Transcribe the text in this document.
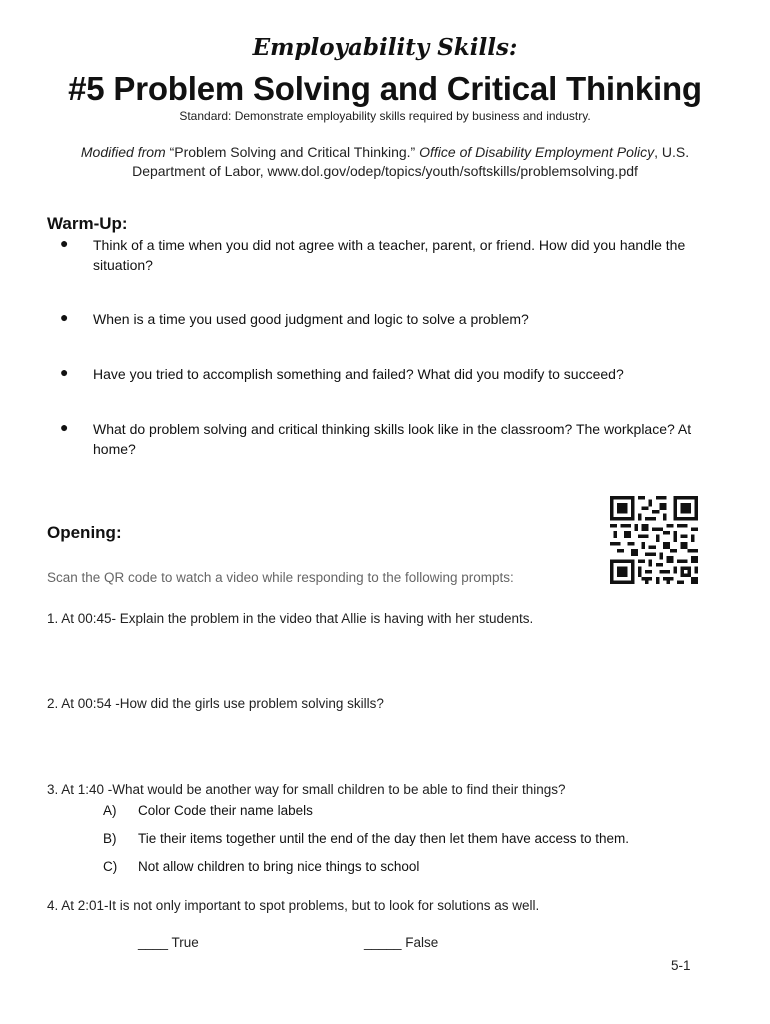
Employability Skills:
#5 Problem Solving and Critical Thinking
Standard: Demonstrate employability skills required by business and industry.
Modified from “Problem Solving and Critical Thinking.” Office of Disability Employment Policy, U.S.
Department of Labor, www.dol.gov/odep/topics/youth/softskills/problemsolving.pdf
Warm-Up:
● Think of a time when you did not agree with a teacher, parent, or friend. How did you handle the situation?
● When is a time you used good judgment and logic to solve a problem?
● Have you tried to accomplish something and failed? What did you modify to succeed?
● What do problem solving and critical thinking skills look like in the classroom? The workplace? At home?
Opening:
Scan the QR code to watch a video while responding to the following prompts:
1. At 00:45- Explain the problem in the video that Allie is having with her students.
2. At 00:54 -How did the girls use problem solving skills?
3. At 1:40 -What would be another way for small children to be able to find their things?
A) Color Code their name labels
B) Tie their items together until the end of the day then let them have access to them.
C) Not allow children to bring nice things to school
4. At 2:01-It is not only important to spot problems, but to look for solutions as well.
____ True	_____ False
5-1
